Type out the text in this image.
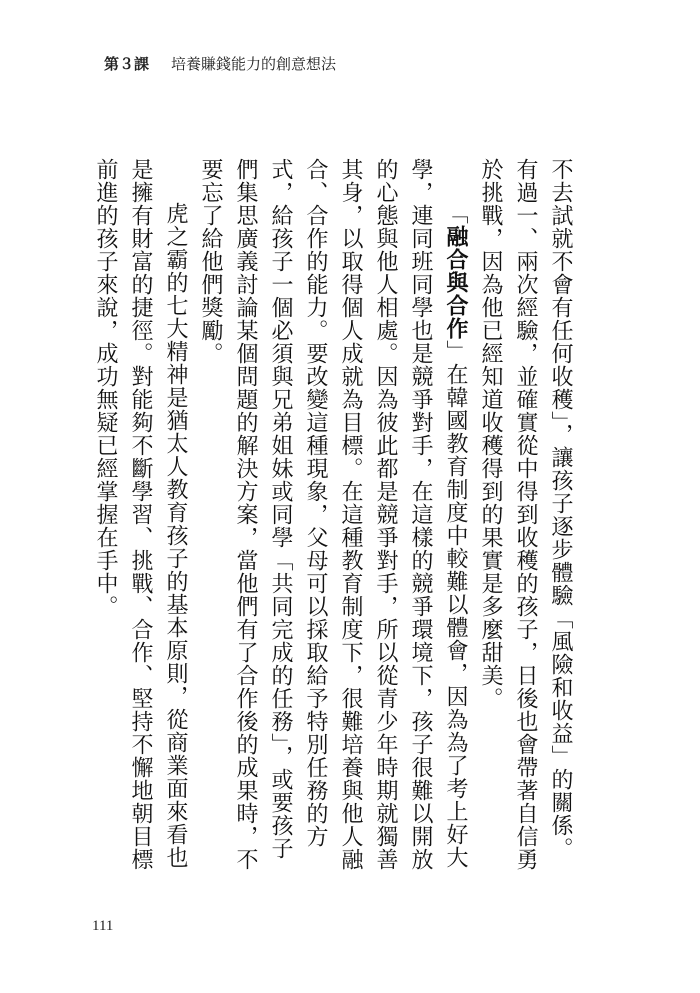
第３課 培養賺錢能力的創意想法

不去試就不會有任何收穫」，讓孩子逐步體驗「風險和收益」的關係。有過一、兩次經驗，並確實從中得到收穫的孩子，日後也會帶著自信勇於挑戰，因為他已經知道收穫得到的果實是多麼甜美。

「融合與合作」在韓國教育制度中較難以體會，因為為了考上好大學，連同班同學也是競爭對手，在這樣的競爭環境下，孩子很難以開放的心態與他人相處。因為彼此都是競爭對手，所以從青少年時期就獨善其身，以取得個人成就為目標。在這種教育制度下，很難培養與他人融合、合作的能力。要改變這種現象，父母可以採取給予特別任務的方式，給孩子一個必須與兄弟姐妹或同學「共同完成的任務」，或要孩子們集思廣義討論某個問題的解決方案，當他們有了合作後的成果時，不要忘了給他們獎勵。

虎之霸的七大精神是猶太人教育孩子的基本原則，從商業面來看也是擁有財富的捷徑。對能夠不斷學習、挑戰、合作、堅持不懈地朝目標前進的孩子來說，成功無疑已經掌握在手中。

111
